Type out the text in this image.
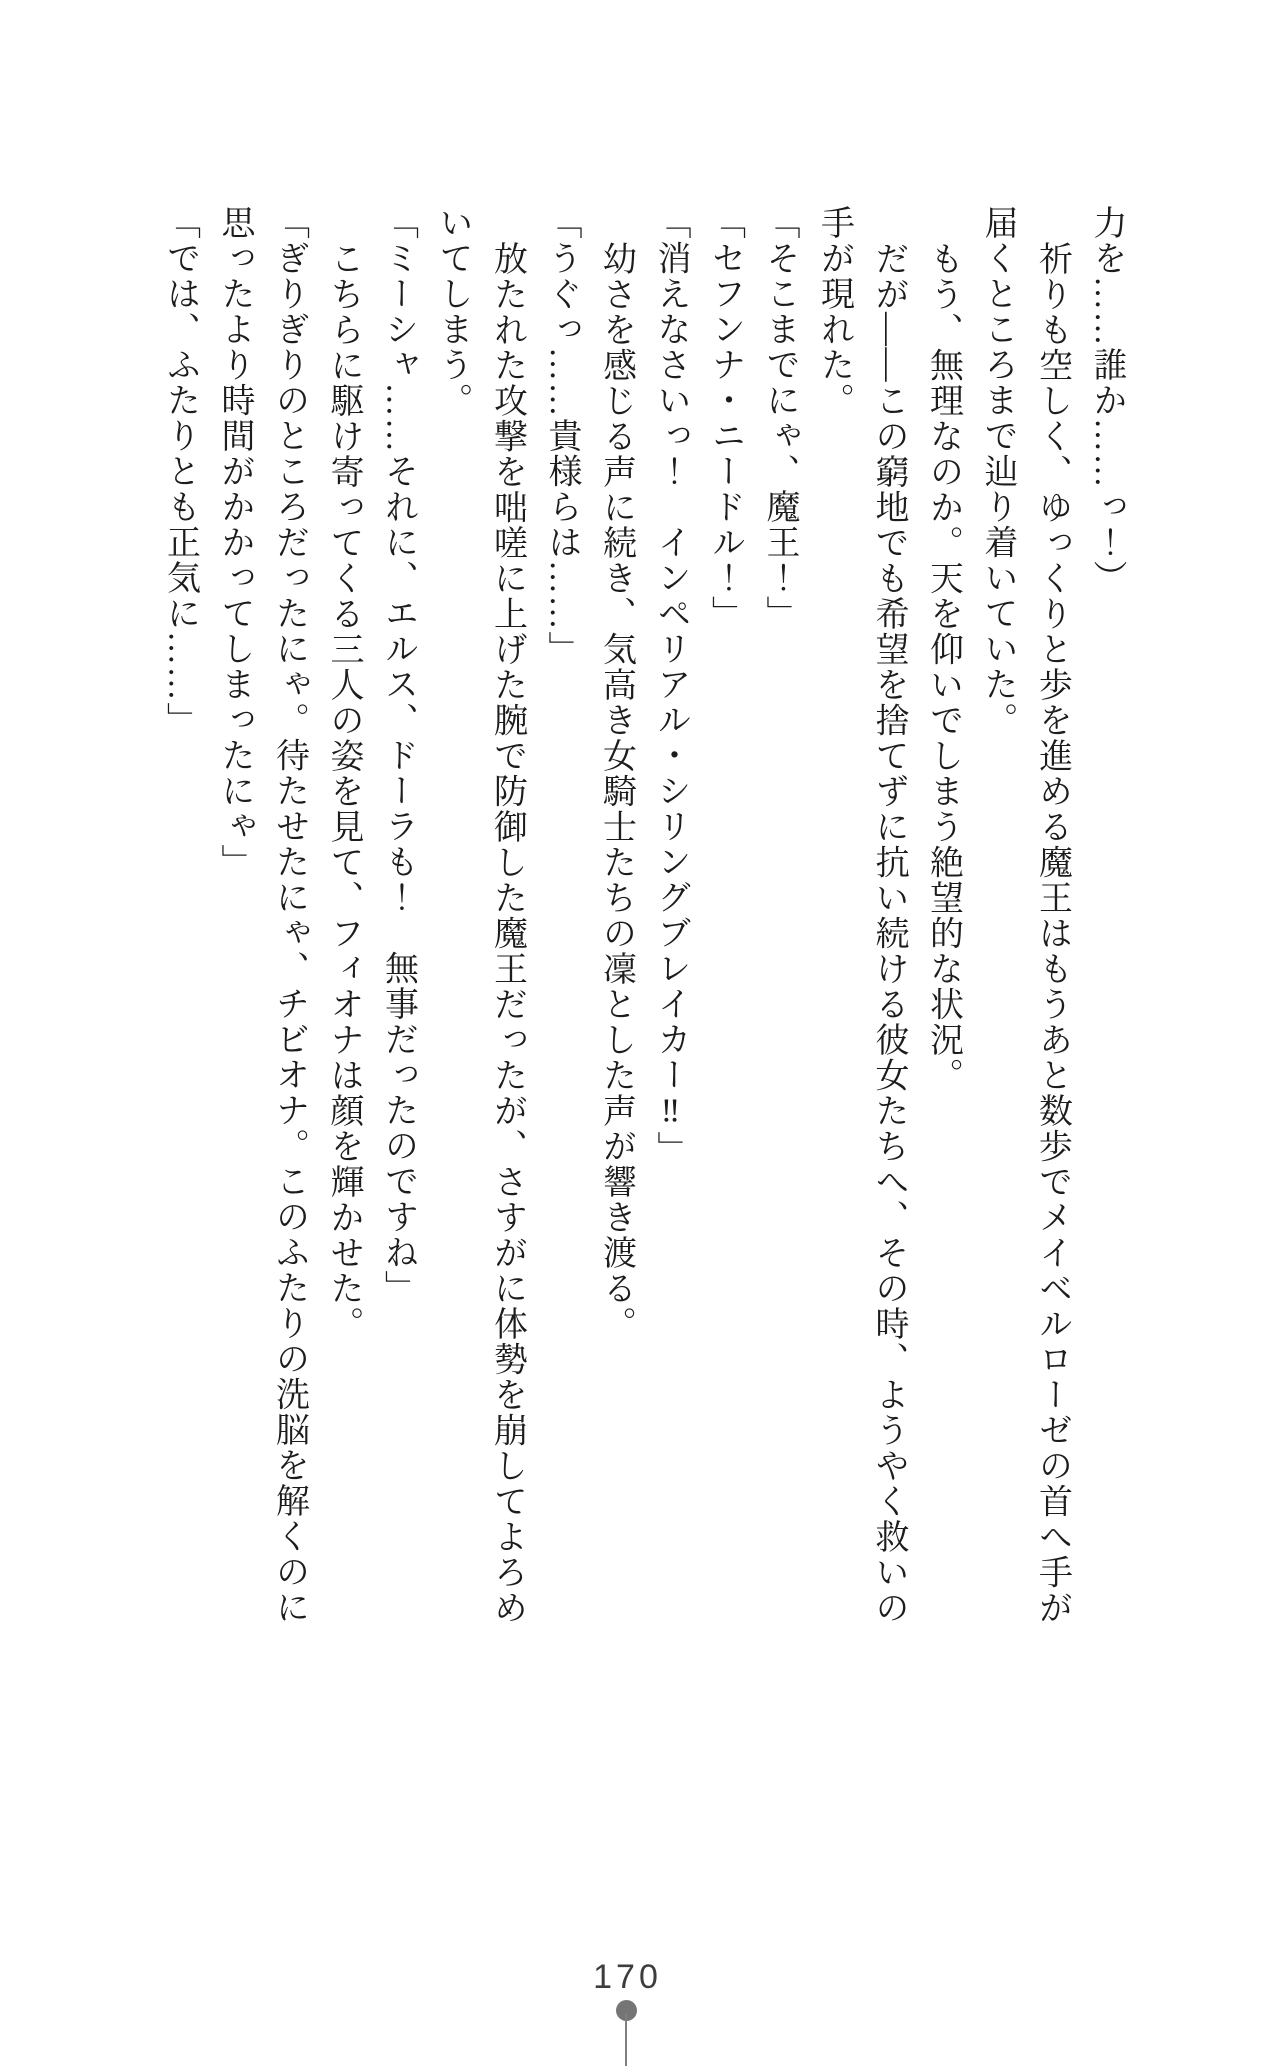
力を……誰か……っ！）

祈りも空しく、ゆっくりと歩を進める魔王はもうあと数歩でメイベルローゼの首へ手が届くところまで辿り着いていた。

もう、無理なのか。天を仰いでしまう絶望的な状況。

だが――この窮地でも希望を捨てずに抗い続ける彼女たちへ、その時、ようやく救いの手が現れた。

「そこまでにゃ、魔王！」

「セフンナ・ニードル！」

「消えなさいっ！　インペリアル・シリングブレイカー‼」

幼さを感じる声に続き、気高き女騎士たちの凜とした声が響き渡る。

「うぐっ……貴様らは……」

放たれた攻撃を咄嗟に上げた腕で防御した魔王だったが、さすがに体勢を崩してよろめいてしまう。

「ミーシャ……それに、エルス、ドーラも！　無事だったのですね」

こちらに駆け寄ってくる三人の姿を見て、フィオナは顔を輝かせた。

「ぎりぎりのところだったにゃ。待たせたにゃ、チビオナ。このふたりの洗脳を解くのに思ったより時間がかかってしまったにゃ」

「では、ふたりとも正気に……」

170
